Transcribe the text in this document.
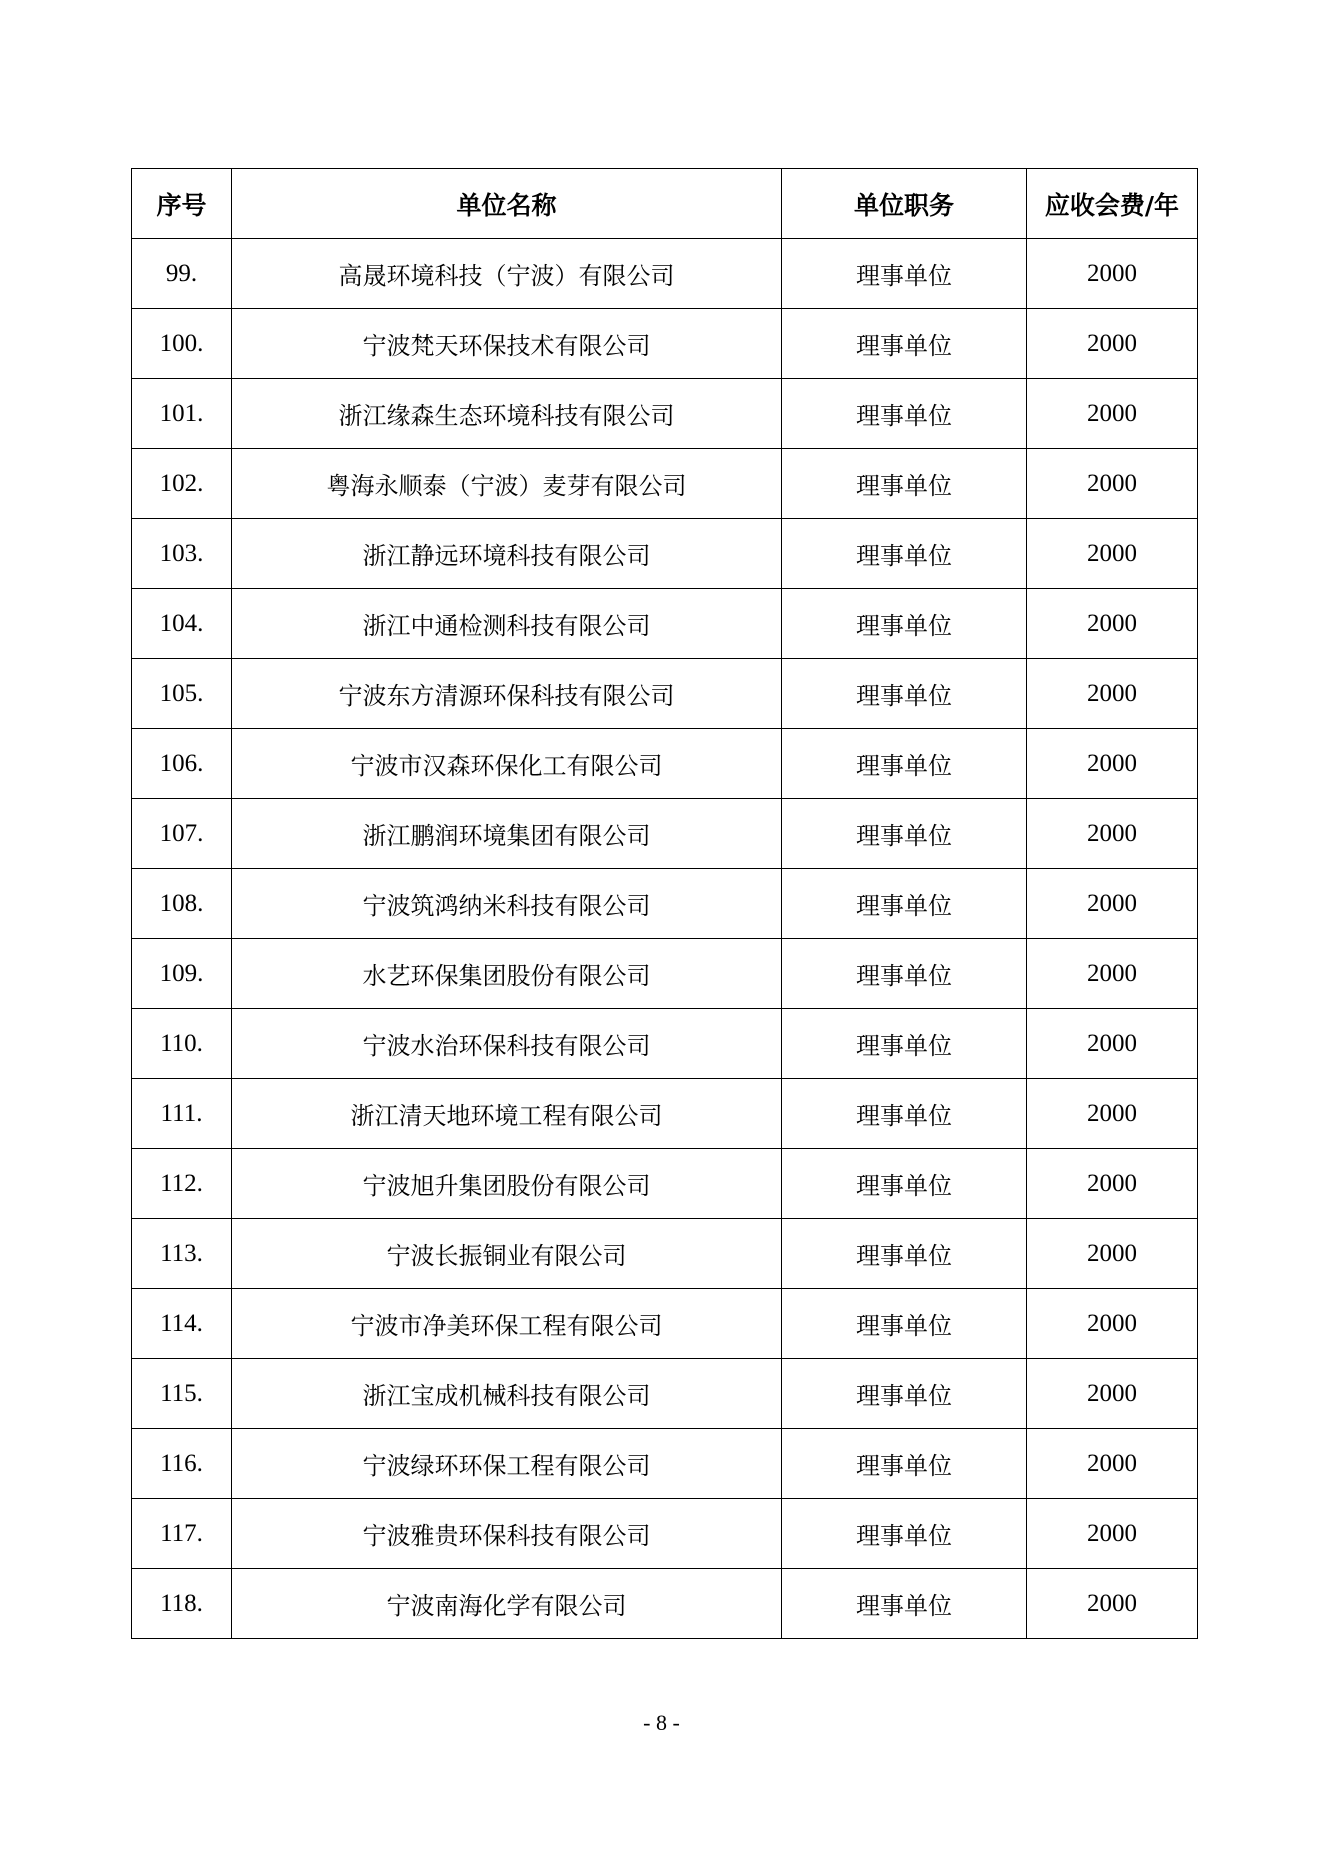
序号	单位名称	单位职务	应收会费/年
99.	高晟环境科技（宁波）有限公司	理事单位	2000
100.	宁波梵天环保技术有限公司	理事单位	2000
101.	浙江缘森生态环境科技有限公司	理事单位	2000
102.	粤海永顺泰（宁波）麦芽有限公司	理事单位	2000
103.	浙江静远环境科技有限公司	理事单位	2000
104.	浙江中通检测科技有限公司	理事单位	2000
105.	宁波东方清源环保科技有限公司	理事单位	2000
106.	宁波市汉森环保化工有限公司	理事单位	2000
107.	浙江鹏润环境集团有限公司	理事单位	2000
108.	宁波筑鸿纳米科技有限公司	理事单位	2000
109.	水艺环保集团股份有限公司	理事单位	2000
110.	宁波水治环保科技有限公司	理事单位	2000
111.	浙江清天地环境工程有限公司	理事单位	2000
112.	宁波旭升集团股份有限公司	理事单位	2000
113.	宁波长振铜业有限公司	理事单位	2000
114.	宁波市净美环保工程有限公司	理事单位	2000
115.	浙江宝成机械科技有限公司	理事单位	2000
116.	宁波绿环环保工程有限公司	理事单位	2000
117.	宁波雅贵环保科技有限公司	理事单位	2000
118.	宁波南海化学有限公司	理事单位	2000
- 8 -
